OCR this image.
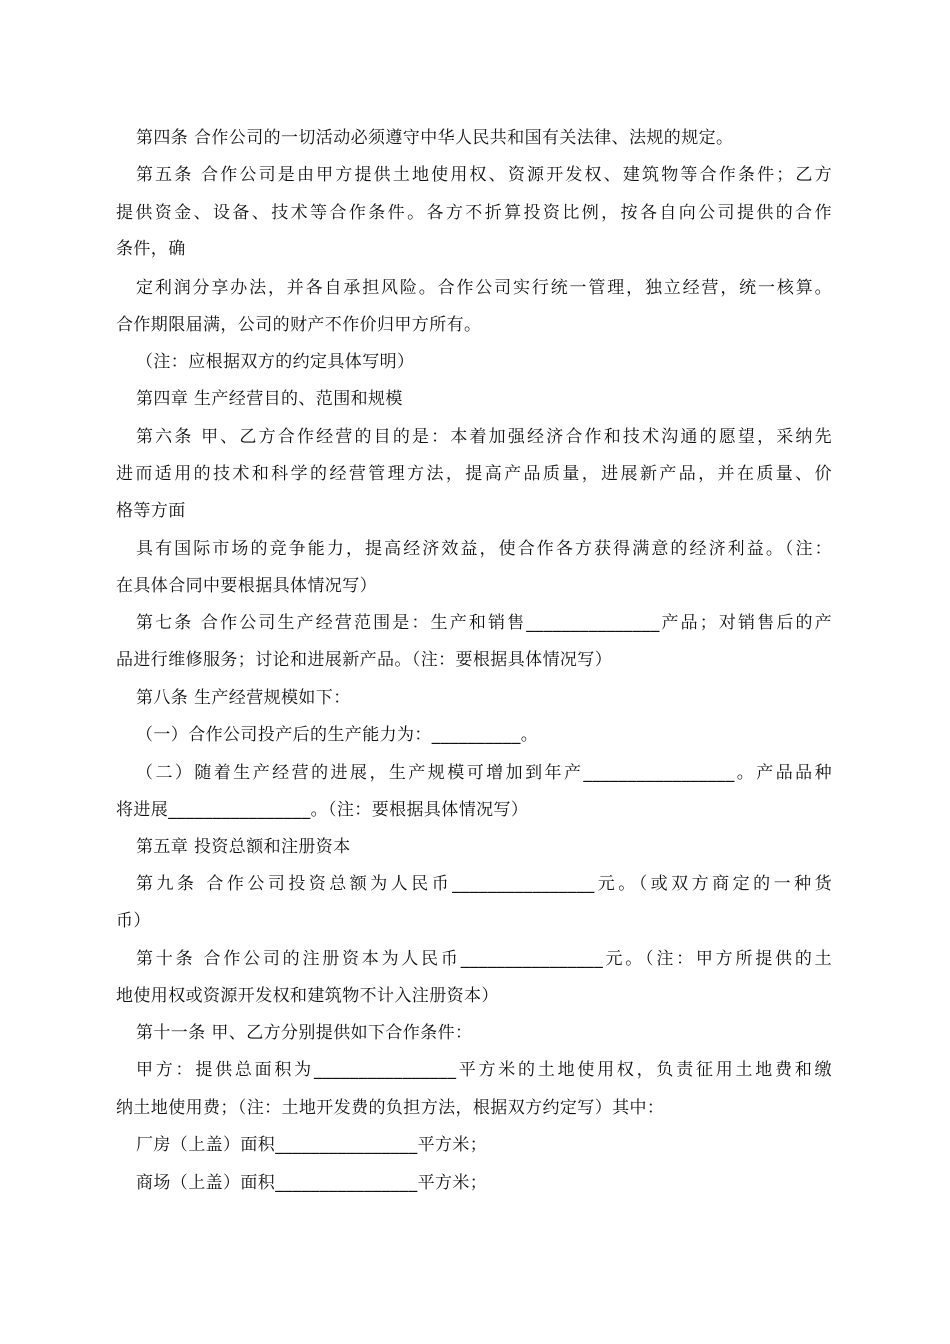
第四条 合作公司的一切活动必须遵守中华人民共和国有关法律、法规的规定。

第五条 合作公司是由甲方提供土地使用权、资源开发权、建筑物等合作条件；乙方

提供资金、设备、技术等合作条件。各方不折算投资比例，按各自向公司提供的合作

条件，确

定利润分享办法，并各自承担风险。合作公司实行统一管理，独立经营，统一核算。

合作期限届满，公司的财产不作价归甲方所有。

（注：应根据双方的约定具体写明）

第四章 生产经营目的、范围和规模

第六条 甲、乙方合作经营的目的是：本着加强经济合作和技术沟通的愿望，采纳先

进而适用的技术和科学的经营管理方法，提高产品质量，进展新产品，并在质量、价

格等方面

具有国际市场的竞争能力，提高经济效益，使合作各方获得满意的经济利益。（注：

在具体合同中要根据具体情况写）

第七条 合作公司生产经营范围是：生产和销售_______________产品；对销售后的产

品进行维修服务；讨论和进展新产品。（注：要根据具体情况写）

第八条 生产经营规模如下：

（一）合作公司投产后的生产能力为：__________。

（二）随着生产经营的进展，生产规模可增加到年产_________________。产品品种

将进展________________。（注：要根据具体情况写）

第五章 投资总额和注册资本

第九条 合作公司投资总额为人民币________________元。（或双方商定的一种货

币）

第十条 合作公司的注册资本为人民币________________元。（注：甲方所提供的土

地使用权或资源开发权和建筑物不计入注册资本）

第十一条 甲、乙方分别提供如下合作条件：

甲方：提供总面积为________________平方米的土地使用权，负责征用土地费和缴

纳土地使用费；（注：土地开发费的负担方法，根据双方约定写）其中：

厂房（上盖）面积________________平方米；

商场（上盖）面积________________平方米；
